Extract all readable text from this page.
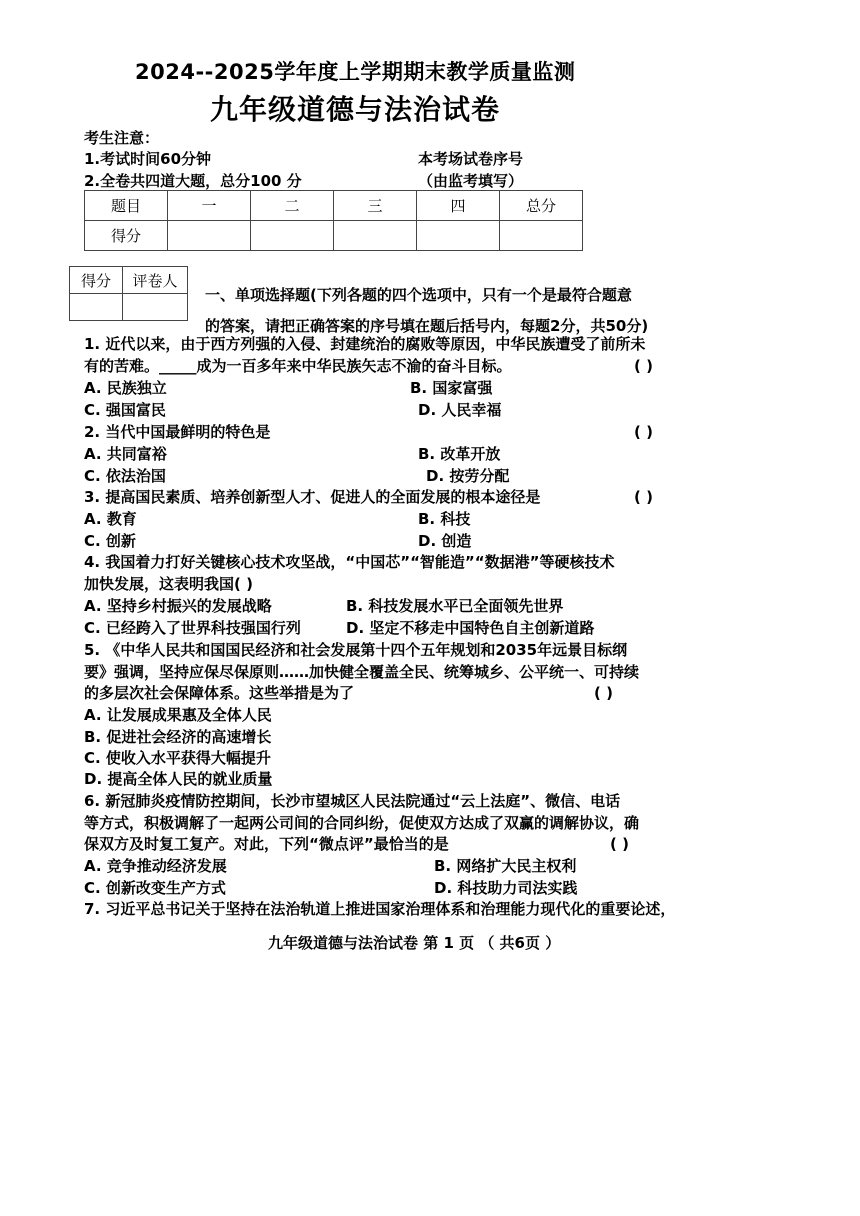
2024--2025学年度上学期期末教学质量监测
九年级道德与法治试卷
考生注意：
1.考试时间60分钟
2.全卷共四道大题，总分100 分
本考场试卷序号
（由监考填写）
题目	一	二	三	四	总分
得分					
得分	评卷人

一、单项选择题(下列各题的四个选项中，只有一个是最符合题意
的答案，请把正确答案的序号填在题后括号内，每题2分，共50分)
1. 近代以来，由于西方列强的入侵、封建统治的腐败等原因，中华民族遭受了前所未
有的苦难。_____成为一百多年来中华民族矢志不渝的奋斗目标。	( )
A. 民族独立	B. 国家富强
C. 强国富民	D. 人民幸福
2. 当代中国最鲜明的特色是	( )
A. 共同富裕	B. 改革开放
C. 依法治国	D. 按劳分配
3. 提高国民素质、培养创新型人才、促进人的全面发展的根本途径是	( )
A. 教育	B. 科技
C. 创新	D. 创造
4. 我国着力打好关键核心技术攻坚战，“中国芯”“智能造”“数据港”等硬核技术
加快发展，这表明我国( )
A. 坚持乡村振兴的发展战略	B. 科技发展水平已全面领先世界
C. 已经跨入了世界科技强国行列	D. 坚定不移走中国特色自主创新道路
5. 《中华人民共和国国民经济和社会发展第十四个五年规划和2035年远景目标纲
要》强调，坚持应保尽保原则……加快健全覆盖全民、统筹城乡、公平统一、可持续
的多层次社会保障体系。这些举措是为了	( )
A. 让发展成果惠及全体人民
B. 促进社会经济的高速增长
C. 使收入水平获得大幅提升
D. 提高全体人民的就业质量
6. 新冠肺炎疫情防控期间，长沙市望城区人民法院通过“云上法庭”、微信、电话
等方式，积极调解了一起两公司间的合同纠纷，促使双方达成了双赢的调解协议，确
保双方及时复工复产。对此，下列“微点评”最恰当的是	( )
A. 竞争推动经济发展	B. 网络扩大民主权利
C. 创新改变生产方式	D. 科技助力司法实践
7. 习近平总书记关于坚持在法治轨道上推进国家治理体系和治理能力现代化的重要论述，
九年级道德与法治试卷 第 1 页 （ 共6页 ）
